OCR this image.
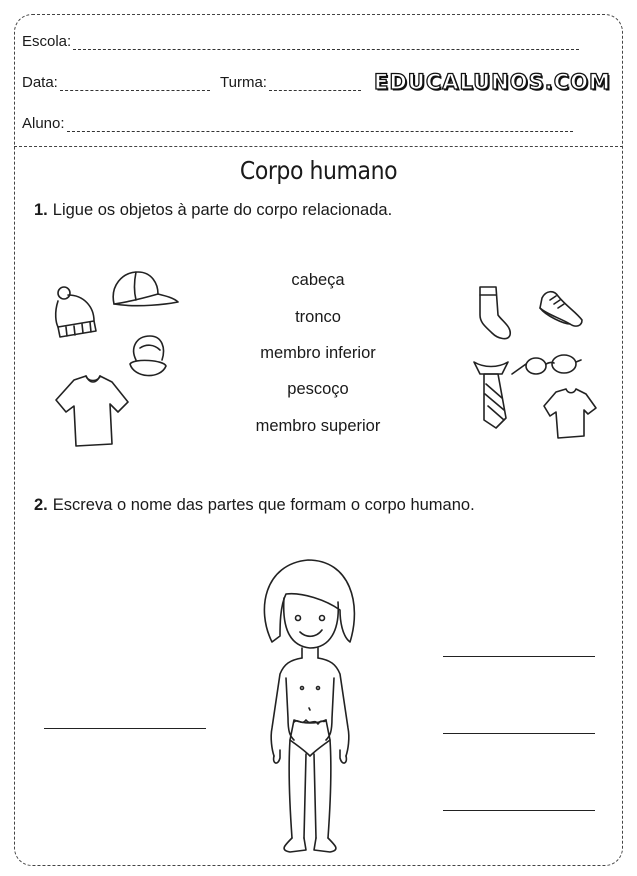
Escola:
Data:	Turma:	EDUCALUNOS.COM
Aluno:
Corpo humano
1. Ligue os objetos à parte do corpo relacionada.
cabeça
tronco
membro inferior
pescoço
membro superior
2. Escreva o nome das partes que formam o corpo humano.
